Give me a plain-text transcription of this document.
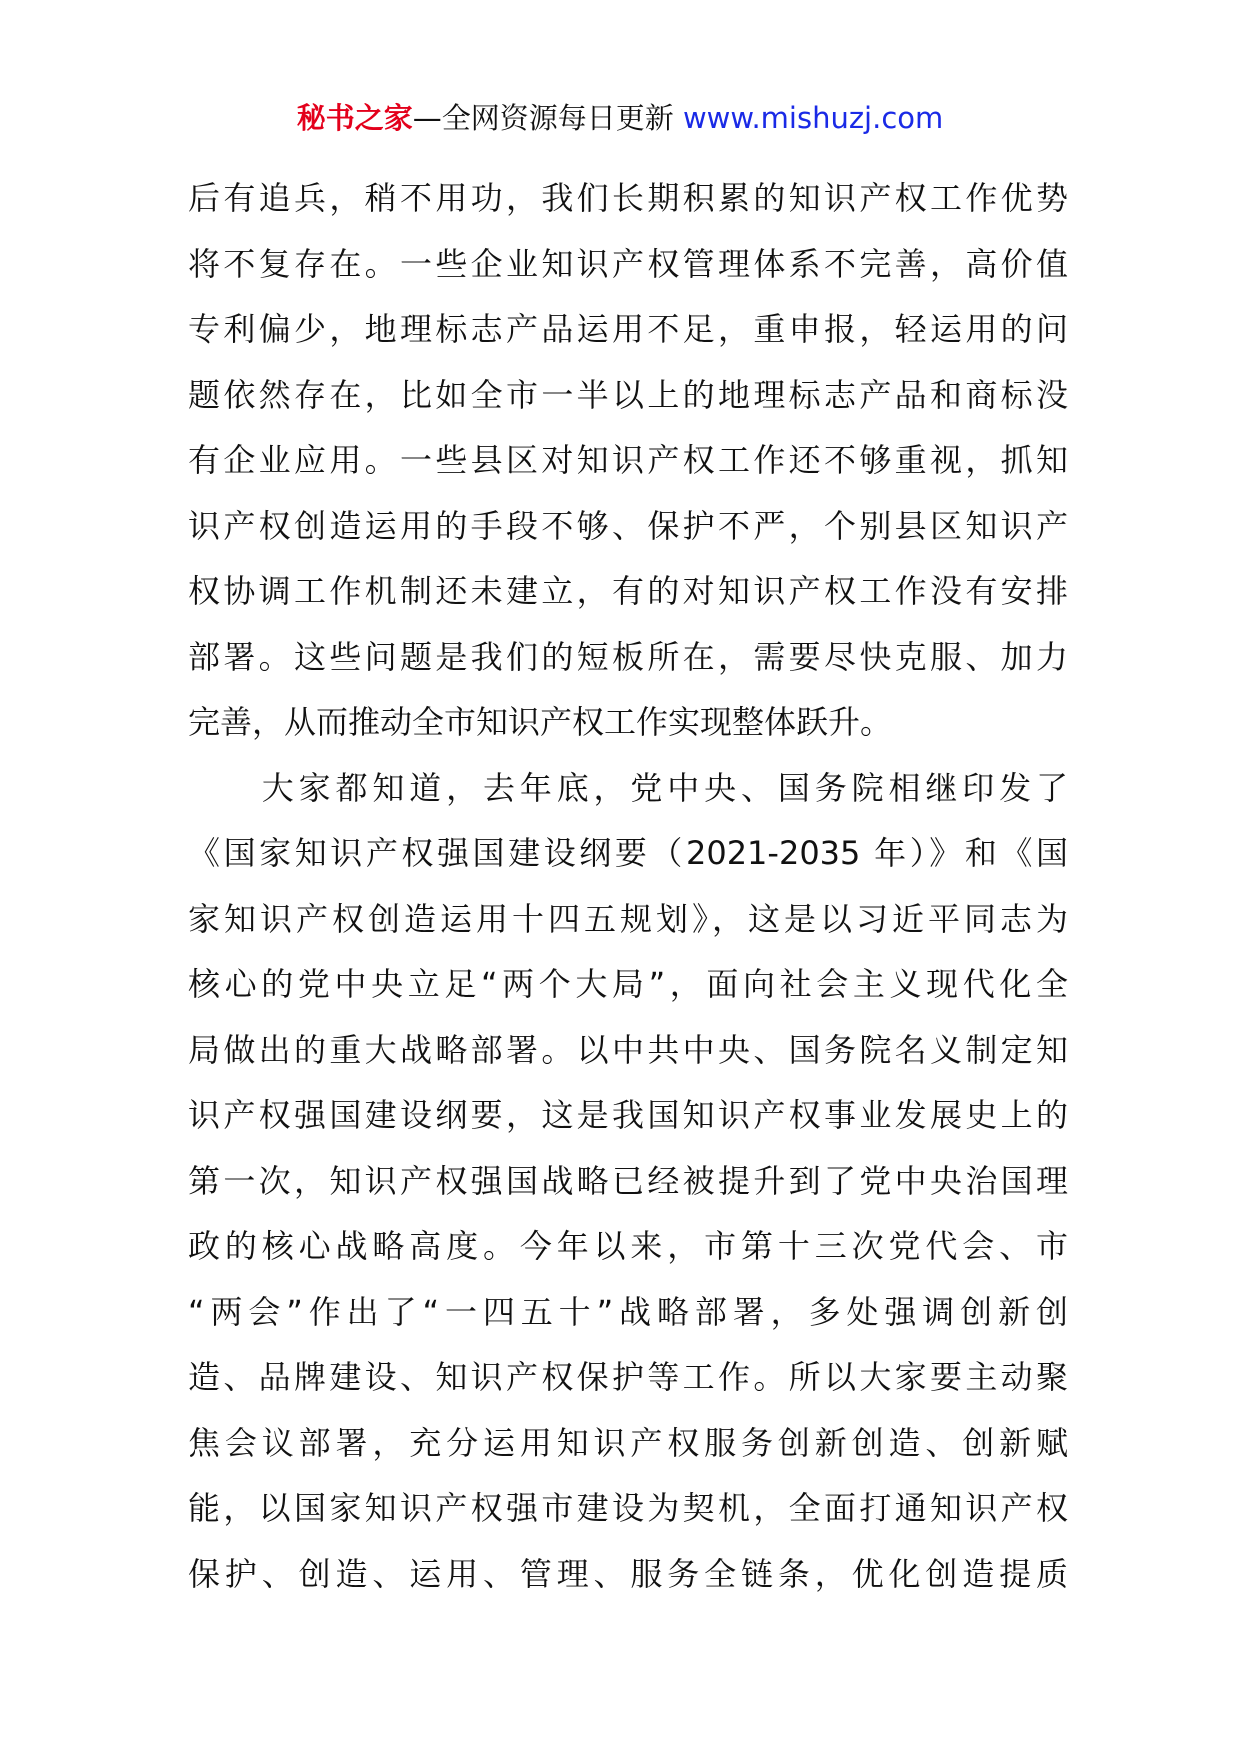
秘书之家—全网资源每日更新 www.mishuzj.com
后有追兵，稍不用功，我们长期积累的知识产权工作优势
将不复存在。一些企业知识产权管理体系不完善，高价值
专利偏少，地理标志产品运用不足，重申报，轻运用的问
题依然存在，比如全市一半以上的地理标志产品和商标没
有企业应用。一些县区对知识产权工作还不够重视，抓知
识产权创造运用的手段不够、保护不严，个别县区知识产
权协调工作机制还未建立，有的对知识产权工作没有安排
部署。这些问题是我们的短板所在，需要尽快克服、加力
完善，从而推动全市知识产权工作实现整体跃升。
　　大家都知道，去年底，党中央、国务院相继印发了
《国家知识产权强国建设纲要（2021-2035 年）》和《国
家知识产权创造运用十四五规划》，这是以习近平同志为
核心的党中央立足“两个大局”，面向社会主义现代化全
局做出的重大战略部署。以中共中央、国务院名义制定知
识产权强国建设纲要，这是我国知识产权事业发展史上的
第一次，知识产权强国战略已经被提升到了党中央治国理
政的核心战略高度。今年以来，市第十三次党代会、市
“两会”作出了“一四五十”战略部署，多处强调创新创
造、品牌建设、知识产权保护等工作。所以大家要主动聚
焦会议部署，充分运用知识产权服务创新创造、创新赋
能，以国家知识产权强市建设为契机，全面打通知识产权
保护、创造、运用、管理、服务全链条，优化创造提质
